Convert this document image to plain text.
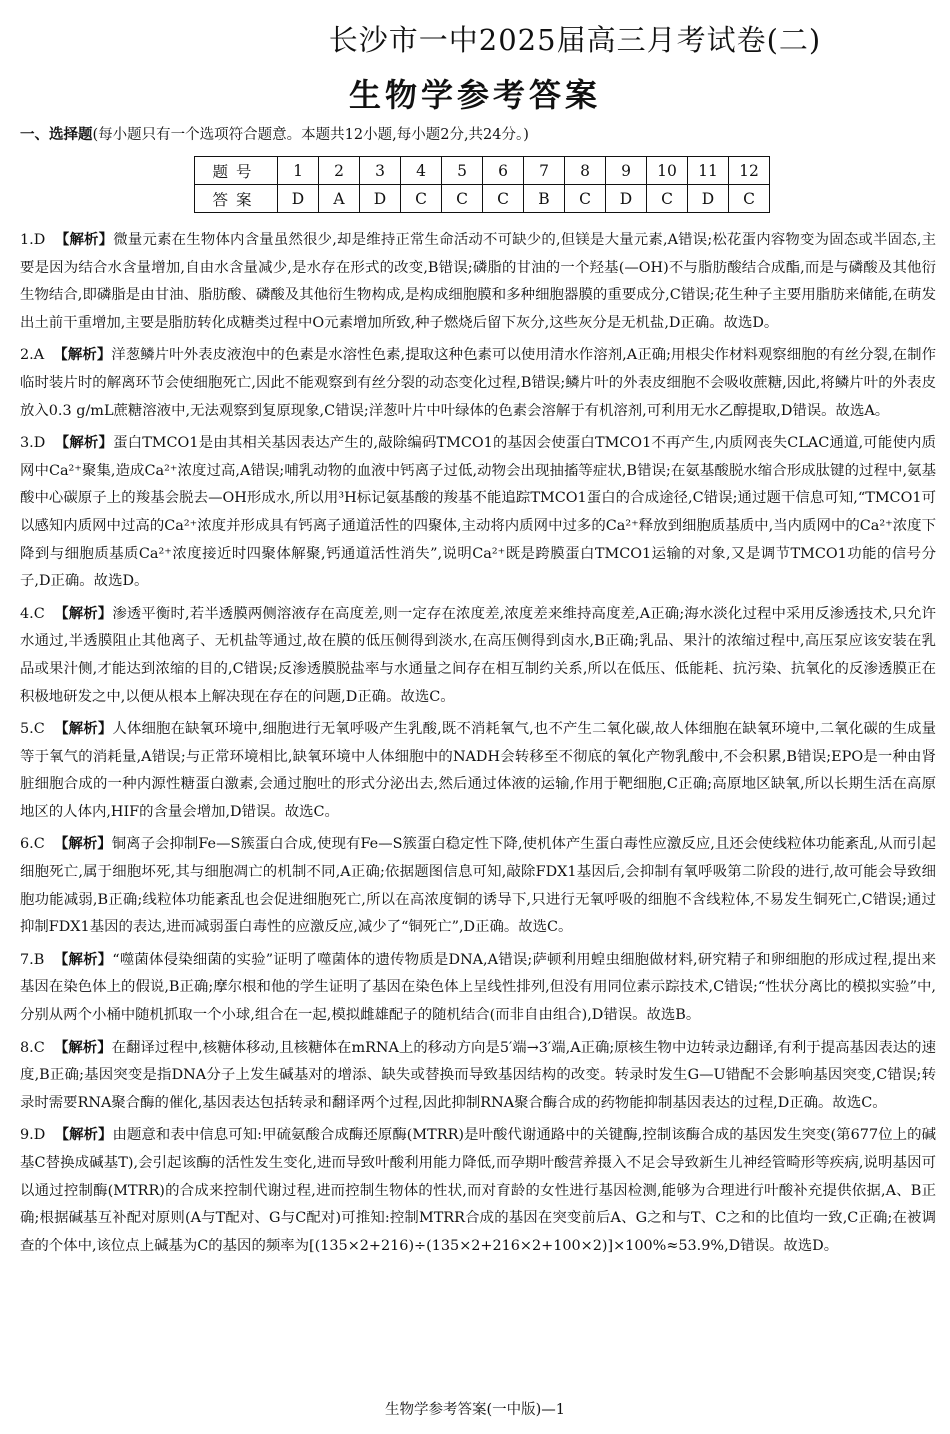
长沙市一中2025届高三月考试卷(二)
生物学参考答案
一、选择题(每小题只有一个选项符合题意。本题共12小题,每小题2分,共24分。)
题号	1	2	3	4	5	6	7	8	9	10	11	12
答案	D	A	D	C	C	C	B	C	D	C	D	C

1.D 【解析】微量元素在生物体内含量虽然很少,却是维持正常生命活动不可缺少的,但镁是大量元素,A错误;松花蛋内容物变为固态或半固态,主要是因为结合水含量增加,自由水含量减少,是水存在形式的改变,B错误;磷脂的甘油的一个羟基(—OH)不与脂肪酸结合成酯,而是与磷酸及其他衍生物结合,即磷脂是由甘油、脂肪酸、磷酸及其他衍生物构成,是构成细胞膜和多种细胞器膜的重要成分,C错误;花生种子主要用脂肪来储能,在萌发出土前干重增加,主要是脂肪转化成糖类过程中O元素增加所致,种子燃烧后留下灰分,这些灰分是无机盐,D正确。故选D。

2.A 【解析】洋葱鳞片叶外表皮液泡中的色素是水溶性色素,提取这种色素可以使用清水作溶剂,A正确;用根尖作材料观察细胞的有丝分裂,在制作临时装片时的解离环节会使细胞死亡,因此不能观察到有丝分裂的动态变化过程,B错误;鳞片叶的外表皮细胞不会吸收蔗糖,因此,将鳞片叶的外表皮放入0.3 g/mL蔗糖溶液中,无法观察到复原现象,C错误;洋葱叶片中叶绿体的色素会溶解于有机溶剂,可利用无水乙醇提取,D错误。故选A。

3.D 【解析】蛋白TMCO1是由其相关基因表达产生的,敲除编码TMCO1的基因会使蛋白TMCO1不再产生,内质网丧失CLAC通道,可能使内质网中Ca²⁺聚集,造成Ca²⁺浓度过高,A错误;哺乳动物的血液中钙离子过低,动物会出现抽搐等症状,B错误;在氨基酸脱水缩合形成肽键的过程中,氨基酸中心碳原子上的羧基会脱去—OH形成水,所以用³H标记氨基酸的羧基不能追踪TMCO1蛋白的合成途径,C错误;通过题干信息可知,“TMCO1可以感知内质网中过高的Ca²⁺浓度并形成具有钙离子通道活性的四聚体,主动将内质网中过多的Ca²⁺释放到细胞质基质中,当内质网中的Ca²⁺浓度下降到与细胞质基质Ca²⁺浓度接近时四聚体解聚,钙通道活性消失”,说明Ca²⁺既是跨膜蛋白TMCO1运输的对象,又是调节TMCO1功能的信号分子,D正确。故选D。

4.C 【解析】渗透平衡时,若半透膜两侧溶液存在高度差,则一定存在浓度差,浓度差来维持高度差,A正确;海水淡化过程中采用反渗透技术,只允许水通过,半透膜阻止其他离子、无机盐等通过,故在膜的低压侧得到淡水,在高压侧得到卤水,B正确;乳品、果汁的浓缩过程中,高压泵应该安装在乳品或果汁侧,才能达到浓缩的目的,C错误;反渗透膜脱盐率与水通量之间存在相互制约关系,所以在低压、低能耗、抗污染、抗氧化的反渗透膜正在积极地研发之中,以便从根本上解决现在存在的问题,D正确。故选C。

5.C 【解析】人体细胞在缺氧环境中,细胞进行无氧呼吸产生乳酸,既不消耗氧气,也不产生二氧化碳,故人体细胞在缺氧环境中,二氧化碳的生成量等于氧气的消耗量,A错误;与正常环境相比,缺氧环境中人体细胞中的NADH会转移至不彻底的氧化产物乳酸中,不会积累,B错误;EPO是一种由肾脏细胞合成的一种内源性糖蛋白激素,会通过胞吐的形式分泌出去,然后通过体液的运输,作用于靶细胞,C正确;高原地区缺氧,所以长期生活在高原地区的人体内,HIF的含量会增加,D错误。故选C。

6.C 【解析】铜离子会抑制Fe—S簇蛋白合成,使现有Fe—S簇蛋白稳定性下降,使机体产生蛋白毒性应激反应,且还会使线粒体功能紊乱,从而引起细胞死亡,属于细胞坏死,其与细胞凋亡的机制不同,A正确;依据题图信息可知,敲除FDX1基因后,会抑制有氧呼吸第二阶段的进行,故可能会导致细胞功能减弱,B正确;线粒体功能紊乱也会促进细胞死亡,所以在高浓度铜的诱导下,只进行无氧呼吸的细胞不含线粒体,不易发生铜死亡,C错误;通过抑制FDX1基因的表达,进而减弱蛋白毒性的应激反应,减少了“铜死亡”,D正确。故选C。

7.B 【解析】“噬菌体侵染细菌的实验”证明了噬菌体的遗传物质是DNA,A错误;萨顿利用蝗虫细胞做材料,研究精子和卵细胞的形成过程,提出来基因在染色体上的假说,B正确;摩尔根和他的学生证明了基因在染色体上呈线性排列,但没有用同位素示踪技术,C错误;“性状分离比的模拟实验”中,分别从两个小桶中随机抓取一个小球,组合在一起,模拟雌雄配子的随机结合(而非自由组合),D错误。故选B。

8.C 【解析】在翻译过程中,核糖体移动,且核糖体在mRNA上的移动方向是5′端→3′端,A正确;原核生物中边转录边翻译,有利于提高基因表达的速度,B正确;基因突变是指DNA分子上发生碱基对的增添、缺失或替换而导致基因结构的改变。转录时发生G—U错配不会影响基因突变,C错误;转录时需要RNA聚合酶的催化,基因表达包括转录和翻译两个过程,因此抑制RNA聚合酶合成的药物能抑制基因表达的过程,D正确。故选C。

9.D 【解析】由题意和表中信息可知:甲硫氨酸合成酶还原酶(MTRR)是叶酸代谢通路中的关键酶,控制该酶合成的基因发生突变(第677位上的碱基C替换成碱基T),会引起该酶的活性发生变化,进而导致叶酸利用能力降低,而孕期叶酸营养摄入不足会导致新生儿神经管畸形等疾病,说明基因可以通过控制酶(MTRR)的合成来控制代谢过程,进而控制生物体的性状,而对育龄的女性进行基因检测,能够为合理进行叶酸补充提供依据,A、B正确;根据碱基互补配对原则(A与T配对、G与C配对)可推知:控制MTRR合成的基因在突变前后A、G之和与T、C之和的比值均一致,C正确;在被调查的个体中,该位点上碱基为C的基因的频率为[(135×2+216)÷(135×2+216×2+100×2)]×100%≈53.9%,D错误。故选D。

生物学参考答案(一中版)—1
